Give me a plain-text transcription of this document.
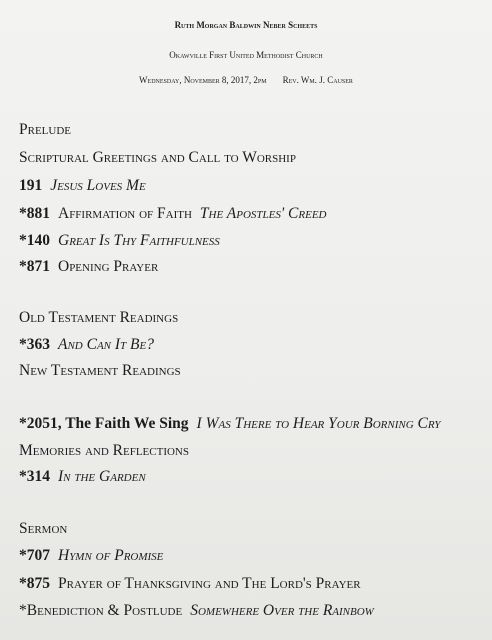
Ruth Morgan Baldwin Neber Scheets
Okawville First United Methodist Church
Wednesday, November 8, 2017, 2pm Rev. Wm. J. Causer
Prelude
Scriptural Greetings and Call to Worship
191 Jesus Loves Me
*881 Affirmation of Faith The Apostles' Creed
*140 Great Is Thy Faithfulness
*871 Opening Prayer
Old Testament Readings
*363 And Can It Be?
New Testament Readings
*2051, The Faith We Sing I Was There to Hear Your Borning Cry
Memories and Reflections
*314 In the Garden
Sermon
*707 Hymn of Promise
*875 Prayer of Thanksgiving and The Lord's Prayer
*Benediction & Postlude Somewhere Over the Rainbow
